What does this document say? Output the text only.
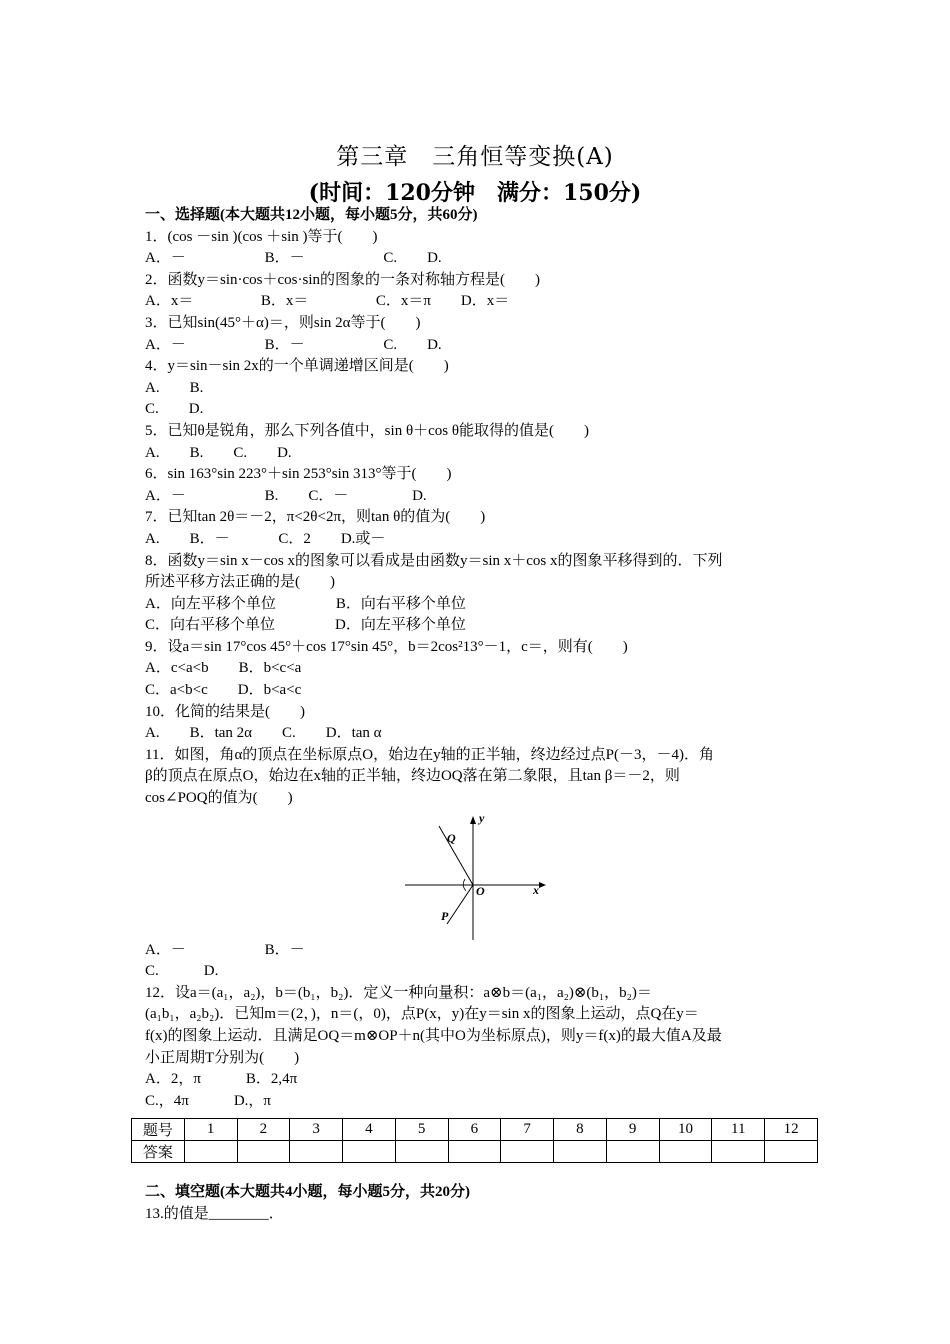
第三章　三角恒等变换(A)
(时间：120分钟　满分：150分)
一、选择题(本大题共12小题，每小题5分，共60分)
1．(cos －sin )(cos ＋sin )等于(　　)
A．－　　　　　 B．－　　　　　 C.　　D.
2．函数y＝sin·cos＋cos·sin的图象的一条对称轴方程是(　　)
A．x＝　　　　  B．x＝　　　　  C．x＝π　　D．x＝
3．已知sin(45°＋α)＝，则sin 2α等于(　　)
A．－　　　　　 B．－　　　　　 C.　　D.
4．y＝sin－sin 2x的一个单调递增区间是(　　)
A.　　B.
C.　　D.
5．已知θ是锐角，那么下列各值中，sin θ＋cos θ能取得的值是(　　)
A.　　B.　　C.　　D.
6．sin 163°sin 223°＋sin 253°sin 313°等于(　　)
A．－　　　　　 B.　　C．－　　　　 D.
7．已知tan 2θ＝－2，π<2θ<2π，则tan θ的值为(　　)
A.　　B．－　　　 C．2　　D.或－
8．函数y＝sin x－cos x的图象可以看成是由函数y＝sin x＋cos x的图象平移得到的．下列
所述平移方法正确的是(　　)
A．向左平移个单位　　　　B．向右平移个单位
C．向右平移个单位　　　　D．向左平移个单位
9．设a＝sin 17°cos 45°＋cos 17°sin 45°，b＝2cos²13°－1，c＝，则有(　　)
A．c<a<b　　B．b<c<a
C．a<b<c　　D．b<a<c
10．化简的结果是(　　)
A.　　B．tan 2α　　C.　　D．tan α
11．如图，角α的顶点在坐标原点O，始边在y轴的正半轴，终边经过点P(－3，－4)．角
β的顶点在原点O，始边在x轴的正半轴，终边OQ落在第二象限，且tan β＝－2，则
cos∠POQ的值为(　　)
y
x
O
Q
P
A．－　　　　　 B．－
C.　　　D.
12．设a＝(a₁，a₂)，b＝(b₁，b₂)．定义一种向量积：a⊗b＝(a₁，a₂)⊗(b₁，b₂)＝
(a₁b₁，a₂b₂)．已知m＝(2，)，n＝(，0)，点P(x，y)在y＝sin x的图象上运动，点Q在y＝
f(x)的图象上运动．且满足OQ＝m⊗OP＋n(其中O为坐标原点)，则y＝f(x)的最大值A及最
小正周期T分别为(　　)
A．2，π　　　B．2,4π
C.，4π　　　D.，π
题号	1	2	3	4	5	6	7	8	9	10	11	12
答案												
二、填空题(本大题共4小题，每小题5分，共20分)
13.的值是________．
